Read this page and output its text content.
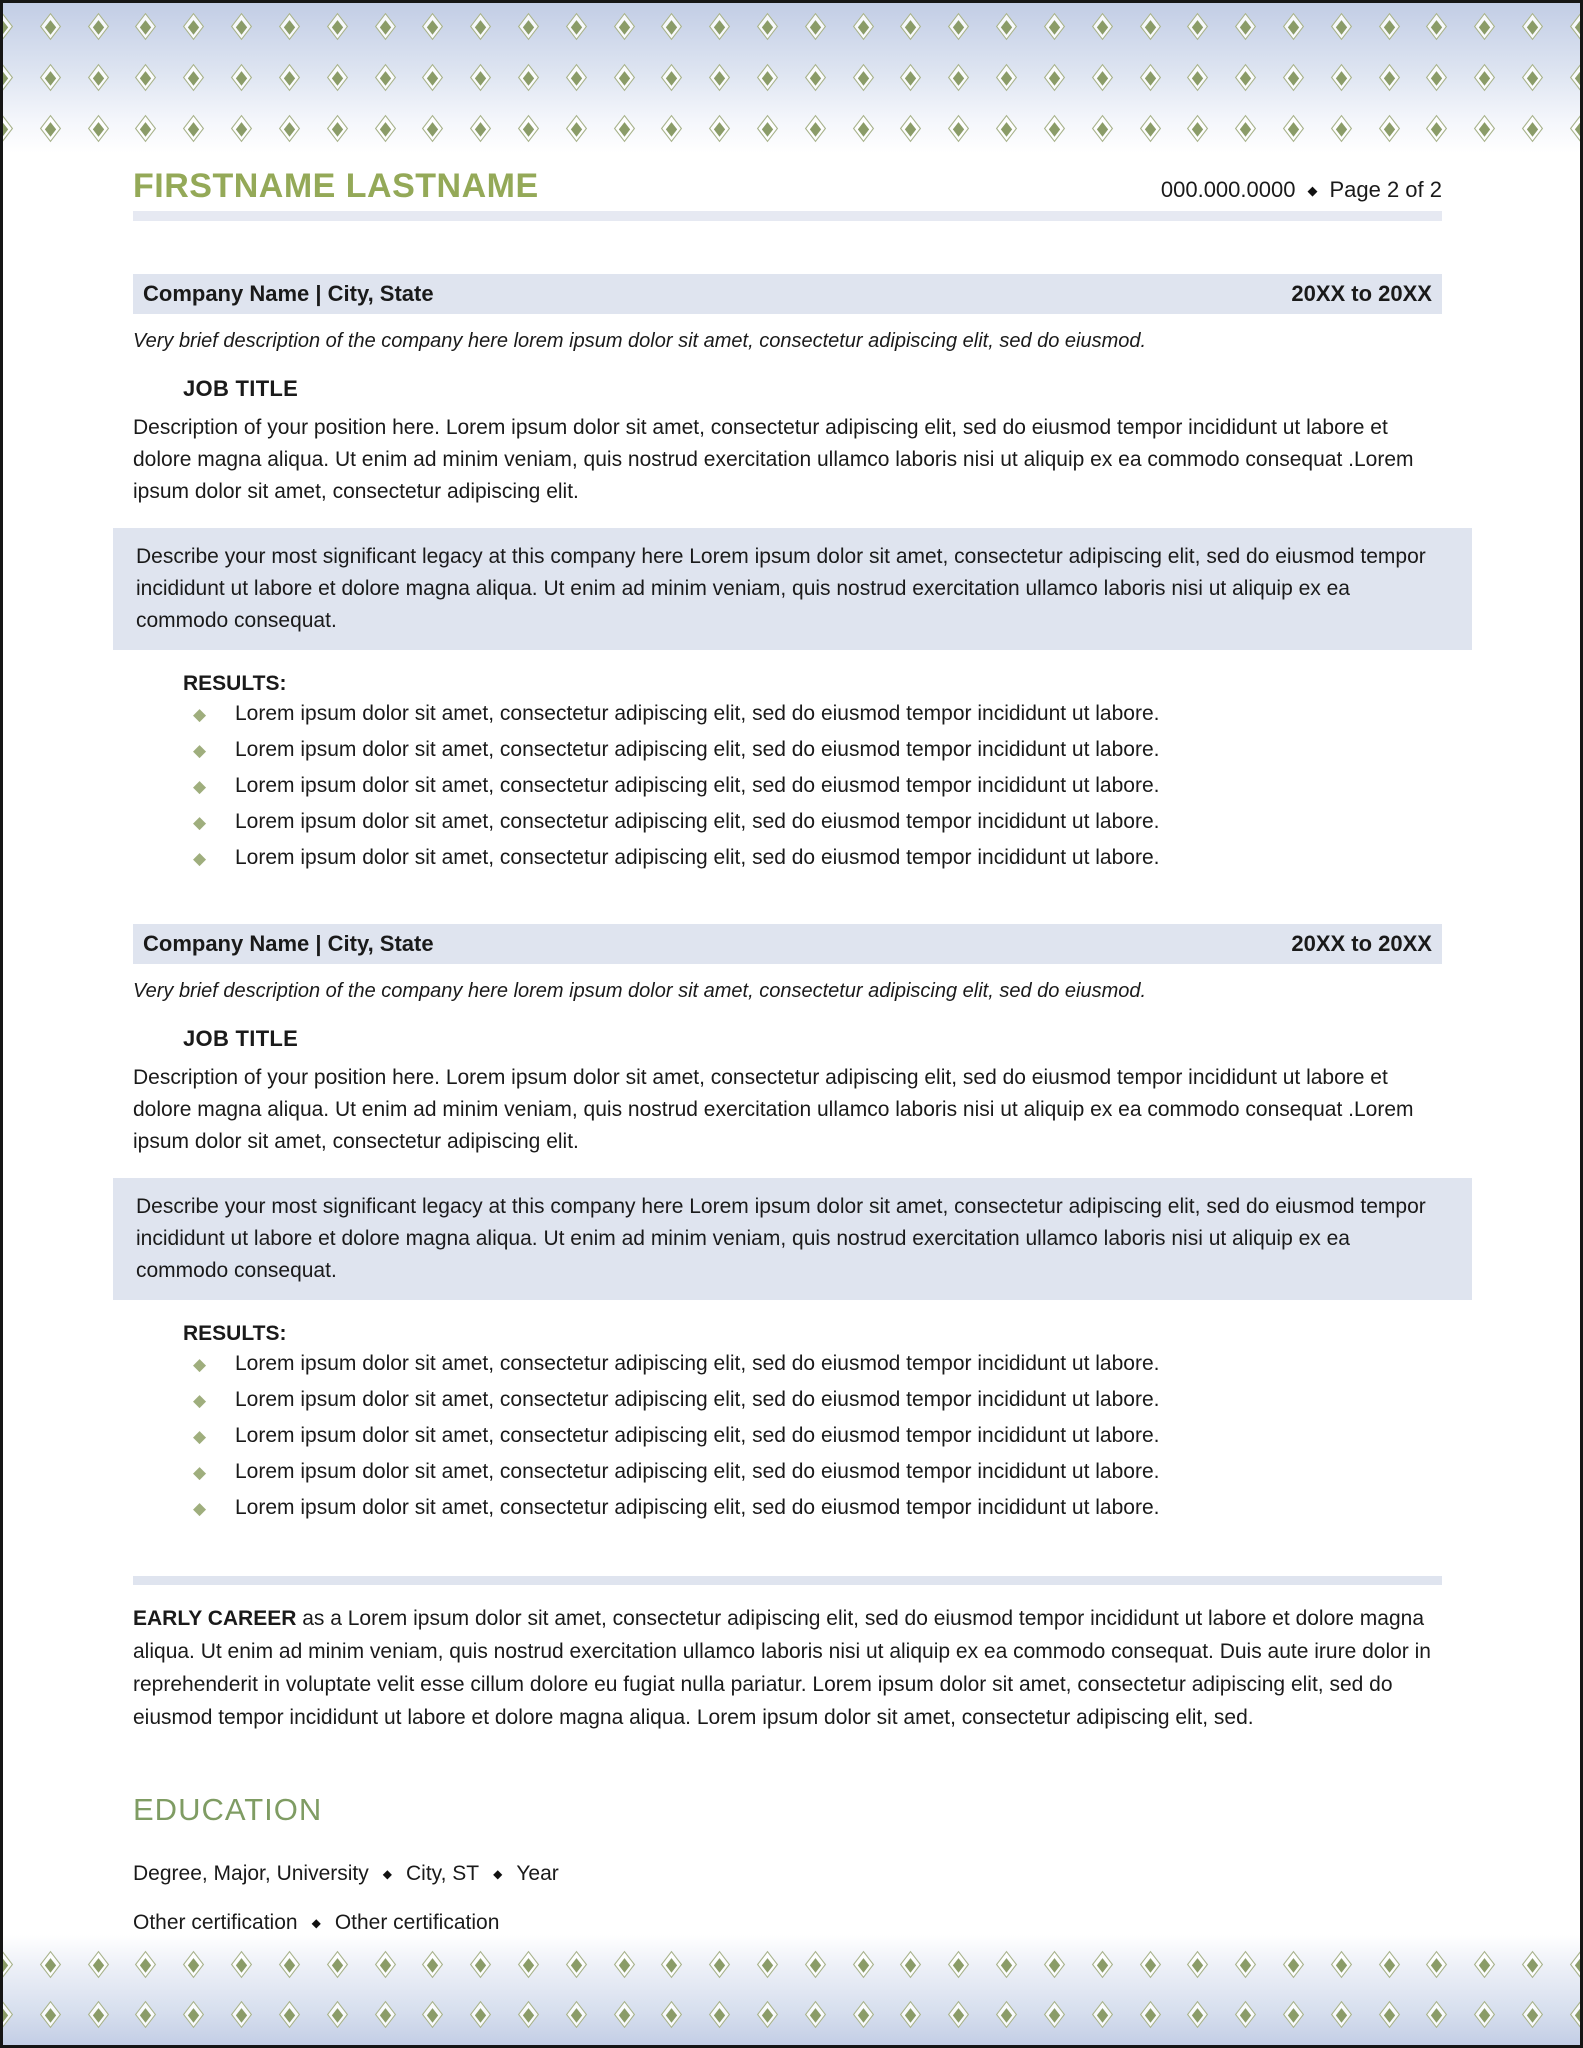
FIRSTNAME LASTNAME	000.000.0000 ◆ Page 2 of 2
Company Name | City, State	20XX to 20XX

Very brief description of the company here lorem ipsum dolor sit amet, consectetur adipiscing elit, sed do eiusmod.

JOB TITLE

Description of your position here. Lorem ipsum dolor sit amet, consectetur adipiscing elit, sed do eiusmod tempor incididunt ut labore et dolore magna aliqua. Ut enim ad minim veniam, quis nostrud exercitation ullamco laboris nisi ut aliquip ex ea commodo consequat .Lorem ipsum dolor sit amet, consectetur adipiscing elit.

Describe your most significant legacy at this company here Lorem ipsum dolor sit amet, consectetur adipiscing elit, sed do eiusmod tempor incididunt ut labore et dolore magna aliqua. Ut enim ad minim veniam, quis nostrud exercitation ullamco laboris nisi ut aliquip ex ea commodo consequat.
RESULTS:
◆	Lorem ipsum dolor sit amet, consectetur adipiscing elit, sed do eiusmod tempor incididunt ut labore.
◆	Lorem ipsum dolor sit amet, consectetur adipiscing elit, sed do eiusmod tempor incididunt ut labore.
◆	Lorem ipsum dolor sit amet, consectetur adipiscing elit, sed do eiusmod tempor incididunt ut labore.
◆	Lorem ipsum dolor sit amet, consectetur adipiscing elit, sed do eiusmod tempor incididunt ut labore.
◆	Lorem ipsum dolor sit amet, consectetur adipiscing elit, sed do eiusmod tempor incididunt ut labore.
Company Name | City, State	20XX to 20XX

Very brief description of the company here lorem ipsum dolor sit amet, consectetur adipiscing elit, sed do eiusmod.

JOB TITLE

Description of your position here. Lorem ipsum dolor sit amet, consectetur adipiscing elit, sed do eiusmod tempor incididunt ut labore et dolore magna aliqua. Ut enim ad minim veniam, quis nostrud exercitation ullamco laboris nisi ut aliquip ex ea commodo consequat .Lorem ipsum dolor sit amet, consectetur adipiscing elit.

Describe your most significant legacy at this company here Lorem ipsum dolor sit amet, consectetur adipiscing elit, sed do eiusmod tempor incididunt ut labore et dolore magna aliqua. Ut enim ad minim veniam, quis nostrud exercitation ullamco laboris nisi ut aliquip ex ea commodo consequat.
RESULTS:
◆	Lorem ipsum dolor sit amet, consectetur adipiscing elit, sed do eiusmod tempor incididunt ut labore.
◆	Lorem ipsum dolor sit amet, consectetur adipiscing elit, sed do eiusmod tempor incididunt ut labore.
◆	Lorem ipsum dolor sit amet, consectetur adipiscing elit, sed do eiusmod tempor incididunt ut labore.
◆	Lorem ipsum dolor sit amet, consectetur adipiscing elit, sed do eiusmod tempor incididunt ut labore.
◆	Lorem ipsum dolor sit amet, consectetur adipiscing elit, sed do eiusmod tempor incididunt ut labore.

EARLY CAREER as a Lorem ipsum dolor sit amet, consectetur adipiscing elit, sed do eiusmod tempor incididunt ut labore et dolore magna aliqua. Ut enim ad minim veniam, quis nostrud exercitation ullamco laboris nisi ut aliquip ex ea commodo consequat. Duis aute irure dolor in reprehenderit in voluptate velit esse cillum dolore eu fugiat nulla pariatur. Lorem ipsum dolor sit amet, consectetur adipiscing elit, sed do eiusmod tempor incididunt ut labore et dolore magna aliqua. Lorem ipsum dolor sit amet, consectetur adipiscing elit, sed.

EDUCATION

Degree, Major, University ◆ City, ST ◆ Year

Other certification ◆ Other certification
